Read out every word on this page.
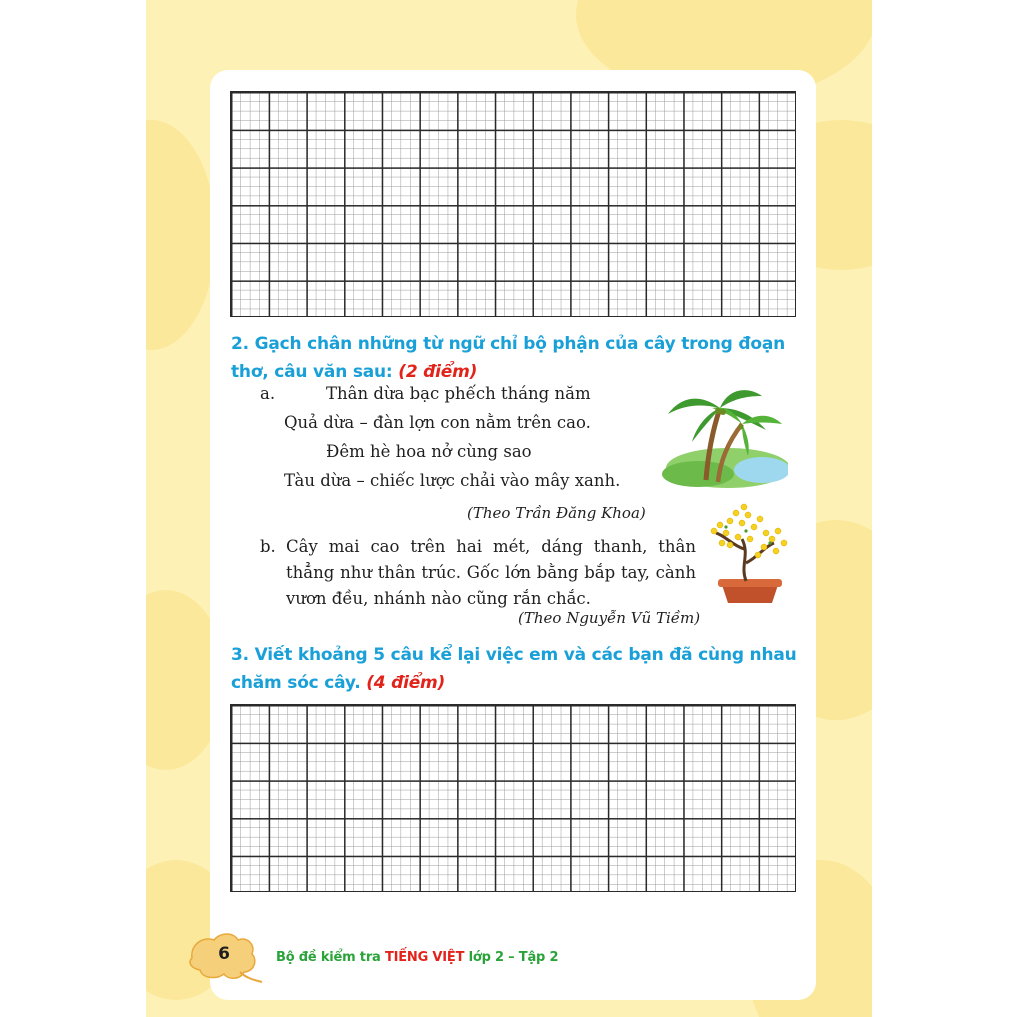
2. Gạch chân những từ ngữ chỉ bộ phận của cây trong đoạn thơ, câu văn sau: (2 điểm)
a.	Thân dừa bạc phếch tháng năm
Quả dừa – đàn lợn con nằm trên cao.
Đêm hè hoa nở cùng sao
Tàu dừa – chiếc lược chải vào mây xanh.
(Theo Trần Đăng Khoa)
b. Cây mai cao trên hai mét, dáng thanh, thân thẳng như thân trúc. Gốc lớn bằng bắp tay, cành vươn đều, nhánh nào cũng rắn chắc.
(Theo Nguyễn Vũ Tiềm)
3. Viết khoảng 5 câu kể lại việc em và các bạn đã cùng nhau chăm sóc cây. (4 điểm)
6	Bộ đề kiểm tra TIẾNG VIỆT lớp 2 – Tập 2
